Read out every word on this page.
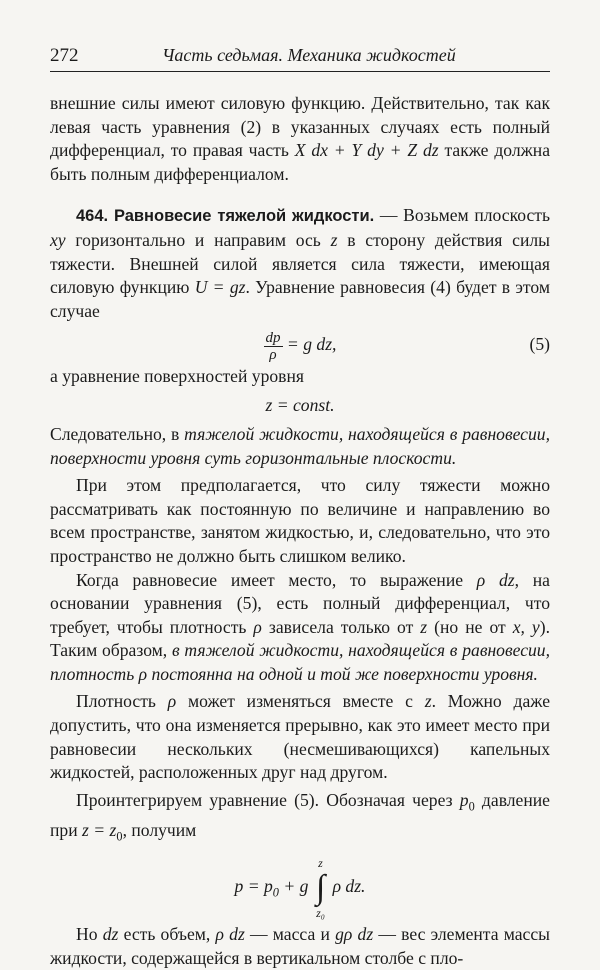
272	Часть седьмая. Механика жидкостей

внешние силы имеют силовую функцию. Действительно, так как левая часть уравнения (2) в указанных случаях есть полный дифференциал, то правая часть X dx + Y dy + Z dz также должна быть полным дифференциалом.

464. Равновесие тяжелой жидкости. — Возьмем плоскость xy горизонтально и направим ось z в сторону действия силы тяжести. Внешней силой является сила тяжести, имеющая силовую функцию U = gz. Уравнение равновесия (4) будет в этом случае

$\frac{dp}{\rho} = g$ dz,	(5)

а уравнение поверхностей уровня

z = const.

Следовательно, в тяжелой жидкости, находящейся в равновесии, поверхности уровня суть горизонтальные плоскости.

При этом предполагается, что силу тяжести можно рассматривать как постоянную по величине и направлению во всем пространстве, занятом жидкостью, и, следовательно, что это пространство не должно быть слишком велико.

Когда равновесие имеет место, то выражение ρ dz, на основании уравнения (5), есть полный дифференциал, что требует, чтобы плотность ρ зависела только от z (но не от x, y). Таким образом, в тяжелой жидкости, находящейся в равновесии, плотность ρ постоянна на одной и той же поверхности уровня.

Плотность ρ может изменяться вместе с z. Можно даже допустить, что она изменяется прерывно, как это имеет место при равновесии нескольких (несмешивающихся) капельных жидкостей, расположенных друг над другом.

Проинтегрируем уравнение (5). Обозначая через $p_0$ давление при $z = z_0$, получим

$p = p_0 + g$
z
∫
z₀
ρ dz.

Но dz есть объем, ρ dz — масса и gρ dz — вес элемента массы жидкости, содержащейся в вертикальном столбе с пло-
